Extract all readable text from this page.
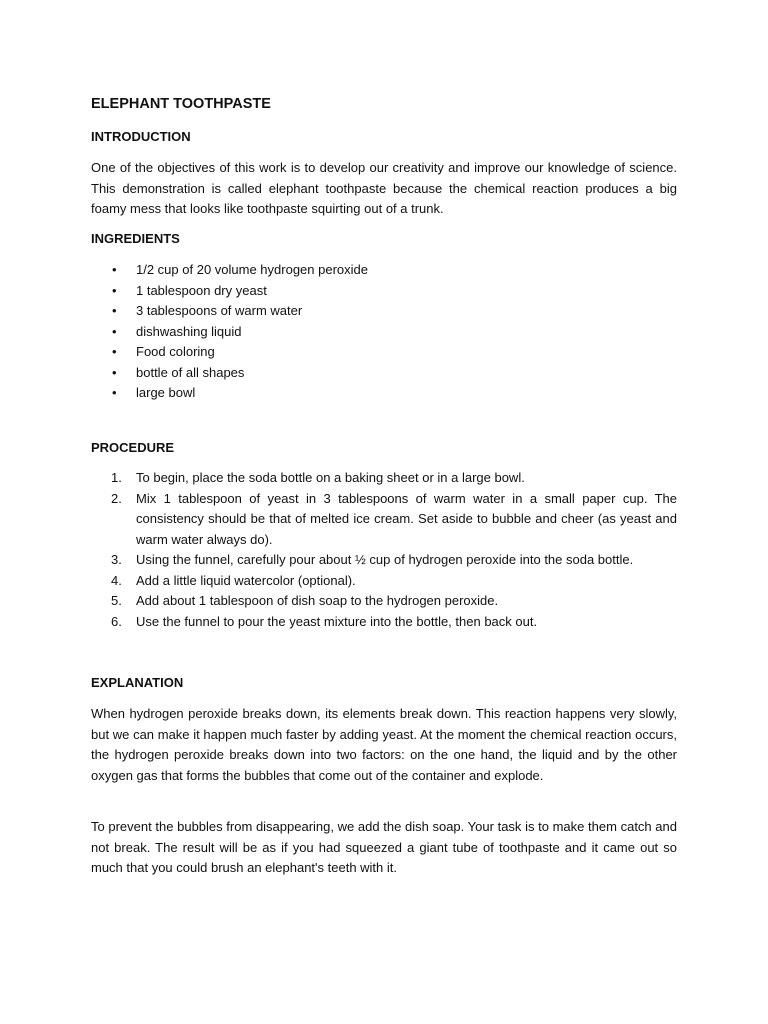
ELEPHANT TOOTHPASTE
INTRODUCTION

One of the objectives of this work is to develop our creativity and improve our knowledge of science. This demonstration is called elephant toothpaste because the chemical reaction produces a big foamy mess that looks like toothpaste squirting out of a trunk.

INGREDIENTS
• 1/2 cup of 20 volume hydrogen peroxide
• 1 tablespoon dry yeast
• 3 tablespoons of warm water
• dishwashing liquid
• Food coloring
• bottle of all shapes
• large bowl
PROCEDURE
1. To begin, place the soda bottle on a baking sheet or in a large bowl.
2. Mix 1 tablespoon of yeast in 3 tablespoons of warm water in a small paper cup. The consistency should be that of melted ice cream. Set aside to bubble and cheer (as yeast and warm water always do).
3. Using the funnel, carefully pour about ½ cup of hydrogen peroxide into the soda bottle.
4. Add a little liquid watercolor (optional).
5. Add about 1 tablespoon of dish soap to the hydrogen peroxide.
6. Use the funnel to pour the yeast mixture into the bottle, then back out.
EXPLANATION

When hydrogen peroxide breaks down, its elements break down. This reaction happens very slowly, but we can make it happen much faster by adding yeast. At the moment the chemical reaction occurs, the hydrogen peroxide breaks down into two factors: on the one hand, the liquid and by the other oxygen gas that forms the bubbles that come out of the container and explode.

To prevent the bubbles from disappearing, we add the dish soap. Your task is to make them catch and not break. The result will be as if you had squeezed a giant tube of toothpaste and it came out so much that you could brush an elephant's teeth with it.
